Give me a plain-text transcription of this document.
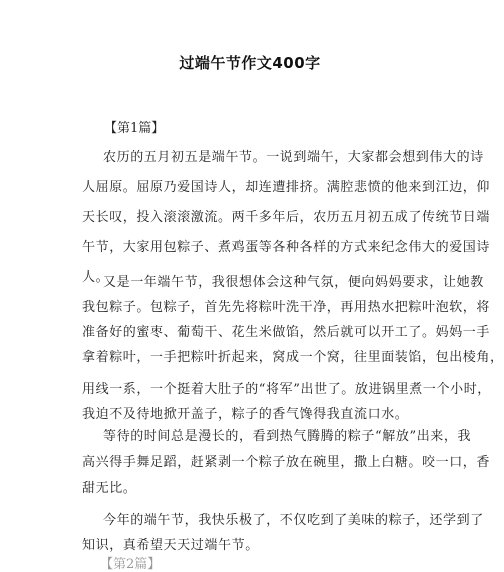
过端午节作文400字
【第1篇】
农历的五月初五是端午节。一说到端午，大家都会想到伟大的诗
人屈原。屈原乃爱国诗人，却连遭排挤。满腔悲愤的他来到江边，仰
天长叹，投入滚滚激流。两千多年后，农历五月初五成了传统节日端
午节，大家用包粽子、煮鸡蛋等各种各样的方式来纪念伟大的爱国诗
人。
又是一年端午节，我很想体会这种气氛，便向妈妈要求，让她教
我包粽子。包粽子，首先先将粽叶洗干净，再用热水把粽叶泡软，将
准备好的蜜枣、葡萄干、花生米做馅，然后就可以开工了。妈妈一手
拿着粽叶，一手把粽叶折起来，窝成一个窝，往里面装馅，包出棱角，
用线一系，一个挺着大肚子的“将军”出世了。放进锅里煮一个小时，
我迫不及待地掀开盖子，粽子的香气馋得我直流口水。
等待的时间总是漫长的，看到热气腾腾的粽子“解放”出来，我
高兴得手舞足蹈，赶紧剥一个粽子放在碗里，撒上白糖。咬一口，香
甜无比。
今年的端午节，我快乐极了，不仅吃到了美味的粽子，还学到了
知识，真希望天天过端午节。
【第2篇】
